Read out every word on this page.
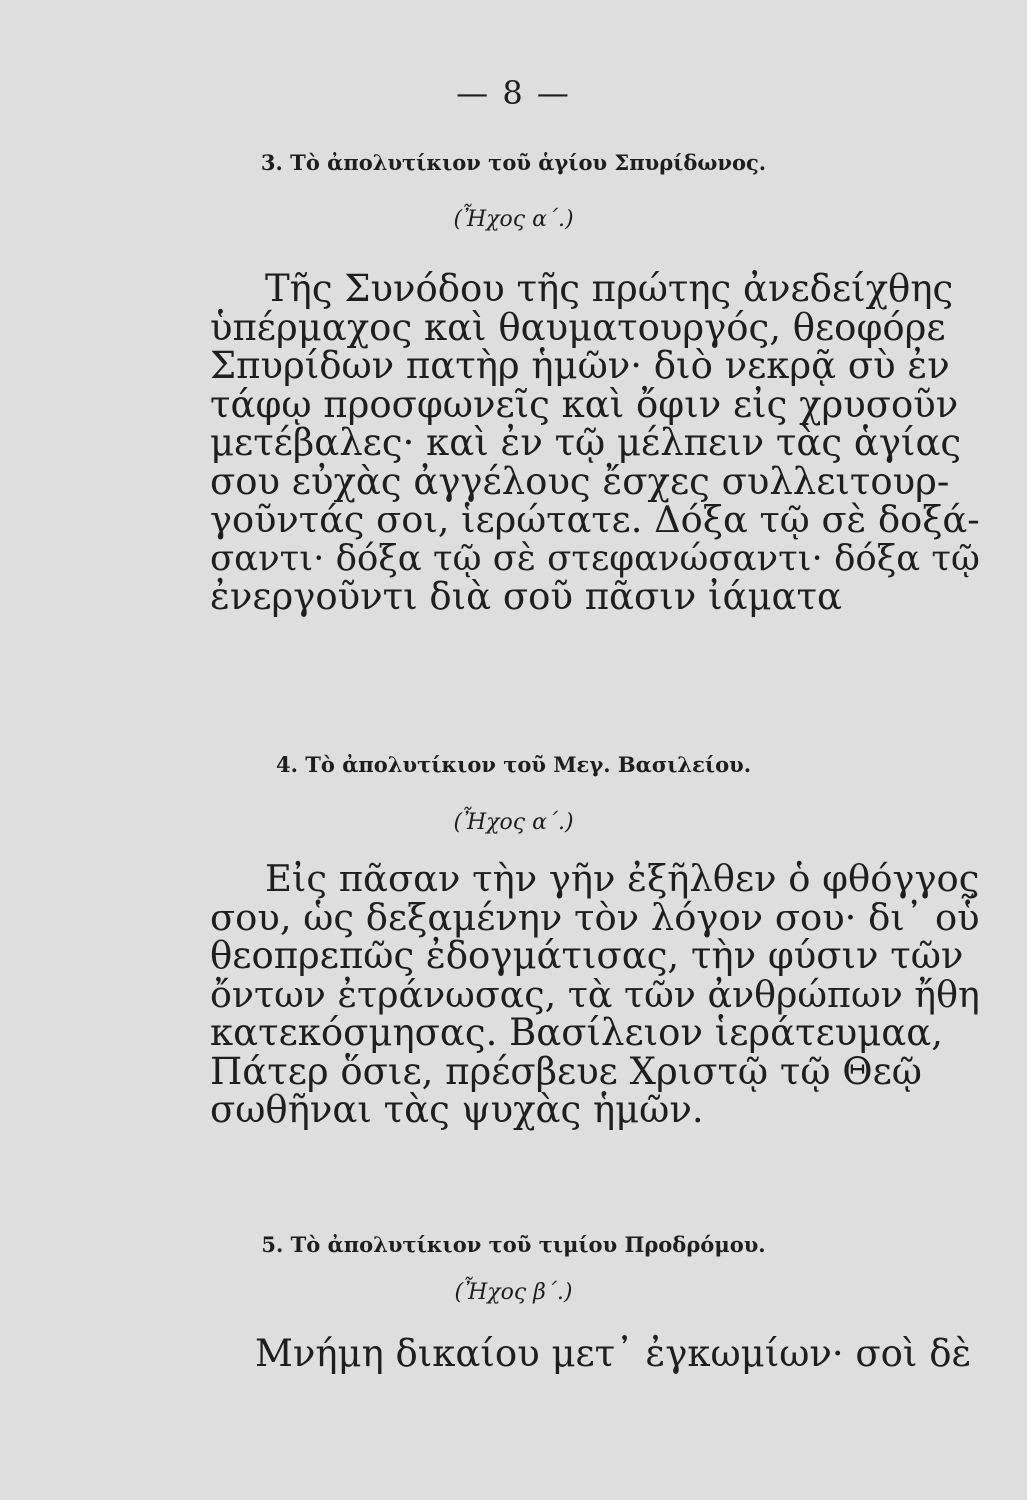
— 8 —
3. Τὸ ἀπολυτίκιον τοῦ ἁγίου Σπυρίδωνος.
(Ἦχος α΄.)
Τῆς Συνόδου τῆς πρώτης ἀνεδείχθης
ὑπέρμαχος καὶ θαυματουργός, θεοφόρε
Σπυρίδων πατὴρ ἡμῶν· διὸ νεκρᾷ σὺ ἐν
τάφῳ προσφωνεῖς καὶ ὄφιν εἰς χρυσοῦν
μετέβαλες· καὶ ἐν τῷ μέλπειν τὰς ἁγίας
σου εὐχὰς ἀγγέλους ἔσχες συλλειτουρ-
γοῦντάς σοι, ἱερώτατε. Δόξα τῷ σὲ δοξά-
σαντι· δόξα τῷ σὲ στεφανώσαντι· δόξα τῷ
ἐνεργοῦντι διὰ σοῦ πᾶσιν ἰάματα
4. Τὸ ἀπολυτίκιον τοῦ Μεγ. Βασιλείου.
(Ἦχος α΄.)
Εἰς πᾶσαν τὴν γῆν ἐξῆλθεν ὁ φθόγγος
σου, ὡς δεξαμένην τὸν λόγον σου· δι᾽ οὗ
θεοπρεπῶς ἐδογμάτισας, τὴν φύσιν τῶν
ὄντων ἐτράνωσας, τὰ τῶν ἀνθρώπων ἤθη
κατεκόσμησας. Βασίλειον ἱεράτευμαα,
Πάτερ ὅσιε, πρέσβευε Χριστῷ τῷ Θεῷ
σωθῆναι τὰς ψυχὰς ἡμῶν.
5. Τὸ ἀπολυτίκιον τοῦ τιμίου Προδρόμου.
(Ἦχος β΄.)
Μνήμη δικαίου μετ᾽ ἐγκωμίων· σοὶ δὲ
